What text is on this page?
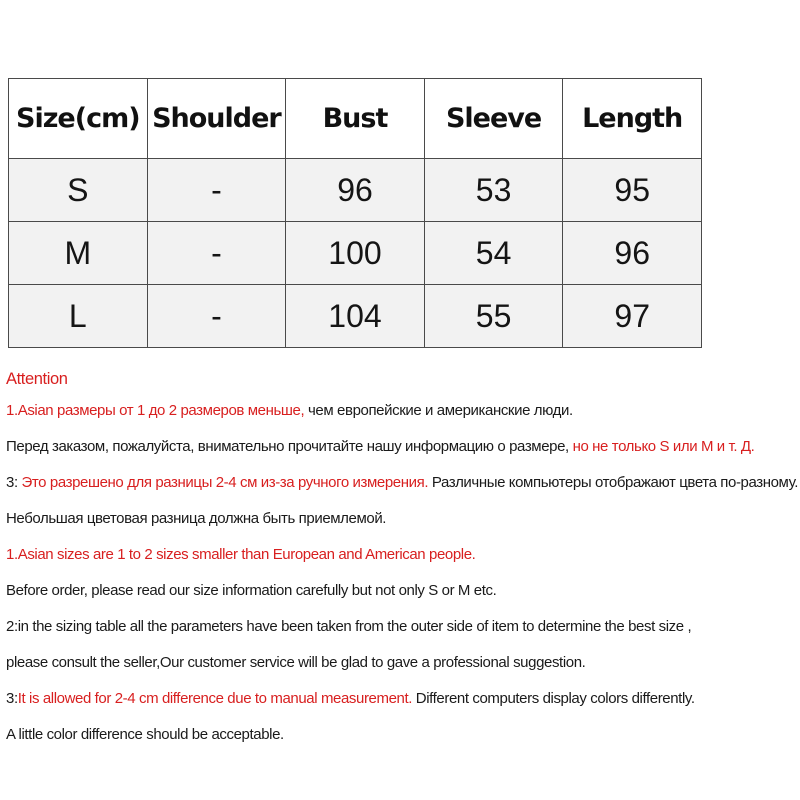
Size(cm)	Shoulder	Bust	Sleeve	Length
S	-	96	53	95
M	-	100	54	96
L	-	104	55	97
Attention
1.Asian размеры от 1 до 2 размеров меньше, чем европейские и американские люди.
Перед заказом, пожалуйста, внимательно прочитайте нашу информацию о размере, но не только S или M и т. Д.
3: Это разрешено для разницы 2-4 см из-за ручного измерения. Различные компьютеры отображают цвета по-разному.
Небольшая цветовая разница должна быть приемлемой.
1.Asian sizes are 1 to 2 sizes smaller than European and American people.
Before order, please read our size information carefully but not only S or M etc.
2:in the sizing table all the parameters have been taken from the outer side of item to determine the best size ,
please consult the seller,Our customer service will be glad to gave a professional suggestion.
3:It is allowed for 2-4 cm difference due to manual measurement. Different computers display colors differently.
A little color difference should be acceptable.
